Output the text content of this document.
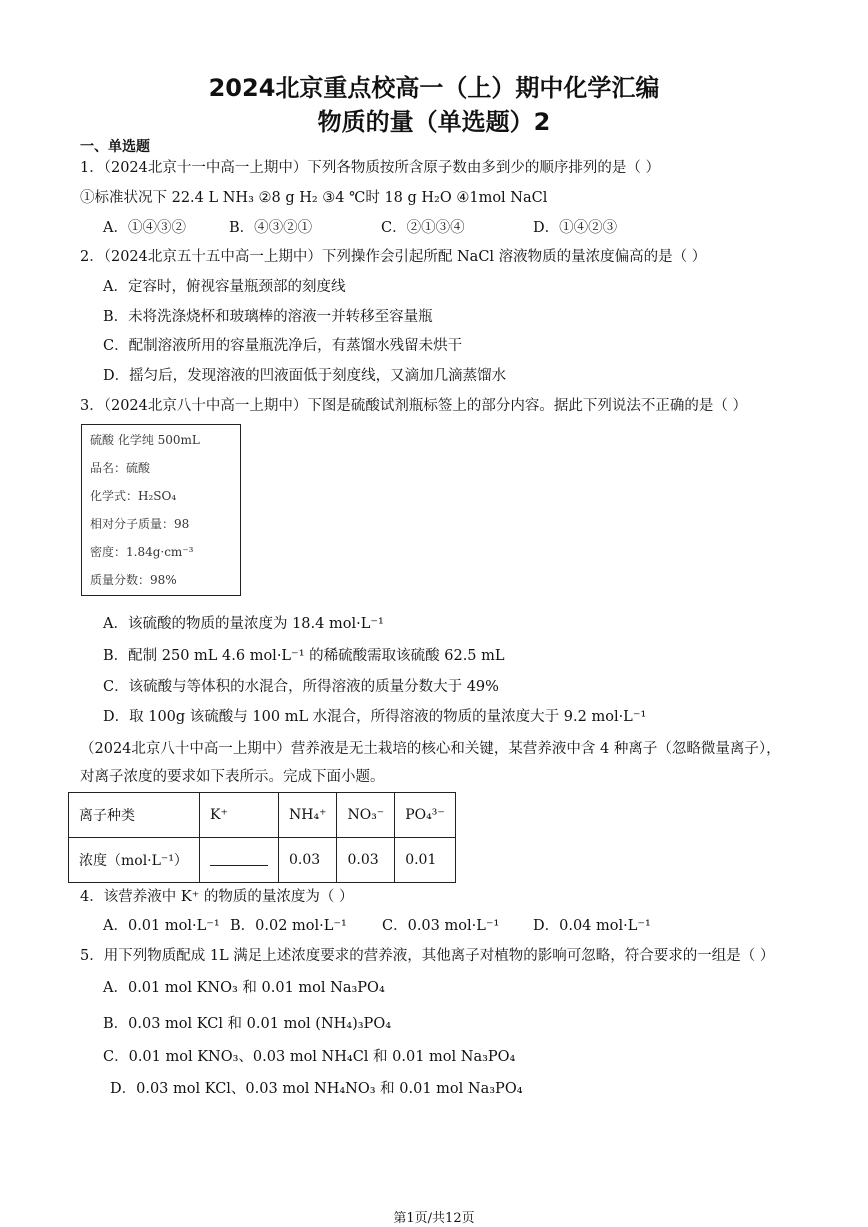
2024北京重点校高一（上）期中化学汇编
物质的量（单选题）2
一、单选题
1．（2024北京十一中高一上期中）下列各物质按所含原子数由多到少的顺序排列的是（ ）
①标准状况下 22.4 L NH₃ ②8 g H₂ ③4 ℃时 18 g H₂O ④1mol NaCl
A．①④③②	B．④③②①	C．②①③④	D．①④②③
2．（2024北京五十五中高一上期中）下列操作会引起所配 NaCl 溶液物质的量浓度偏高的是（ ）
A．定容时，俯视容量瓶颈部的刻度线
B．未将洗涤烧杯和玻璃棒的溶液一并转移至容量瓶
C．配制溶液所用的容量瓶洗净后，有蒸馏水残留未烘干
D．摇匀后，发现溶液的凹液面低于刻度线，又滴加几滴蒸馏水
3．（2024北京八十中高一上期中）下图是硫酸试剂瓶标签上的部分内容。据此下列说法不正确的是（ ）
硫酸 化学纯 500mL
品名：硫酸
化学式：H₂SO₄
相对分子质量：98
密度：1.84g·cm⁻³
质量分数：98%
A．该硫酸的物质的量浓度为 18.4 mol·L⁻¹
B．配制 250 mL 4.6 mol·L⁻¹ 的稀硫酸需取该硫酸 62.5 mL
C．该硫酸与等体积的水混合，所得溶液的质量分数大于 49%
D．取 100g 该硫酸与 100 mL 水混合，所得溶液的物质的量浓度大于 9.2 mol·L⁻¹
（2024北京八十中高一上期中）营养液是无土栽培的核心和关键，某营养液中含 4 种离子（忽略微量离子），
对离子浓度的要求如下表所示。完成下面小题。
离子种类	K⁺	NH₄⁺	NO₃⁻	PO₄³⁻
浓度（mol·L⁻¹）		0.03	0.03	0.01
4．该营养液中 K⁺ 的物质的量浓度为（ ）
A．0.01 mol·L⁻¹ B．0.02 mol·L⁻¹ C．0.03 mol·L⁻¹ D．0.04 mol·L⁻¹
5．用下列物质配成 1L 满足上述浓度要求的营养液，其他离子对植物的影响可忽略，符合要求的一组是（ ）
A．0.01 mol KNO₃ 和 0.01 mol Na₃PO₄
B．0.03 mol KCl 和 0.01 mol (NH₄)₃PO₄
C．0.01 mol KNO₃、0.03 mol NH₄Cl 和 0.01 mol Na₃PO₄
D．0.03 mol KCl、0.03 mol NH₄NO₃ 和 0.01 mol Na₃PO₄
第1页/共12页
